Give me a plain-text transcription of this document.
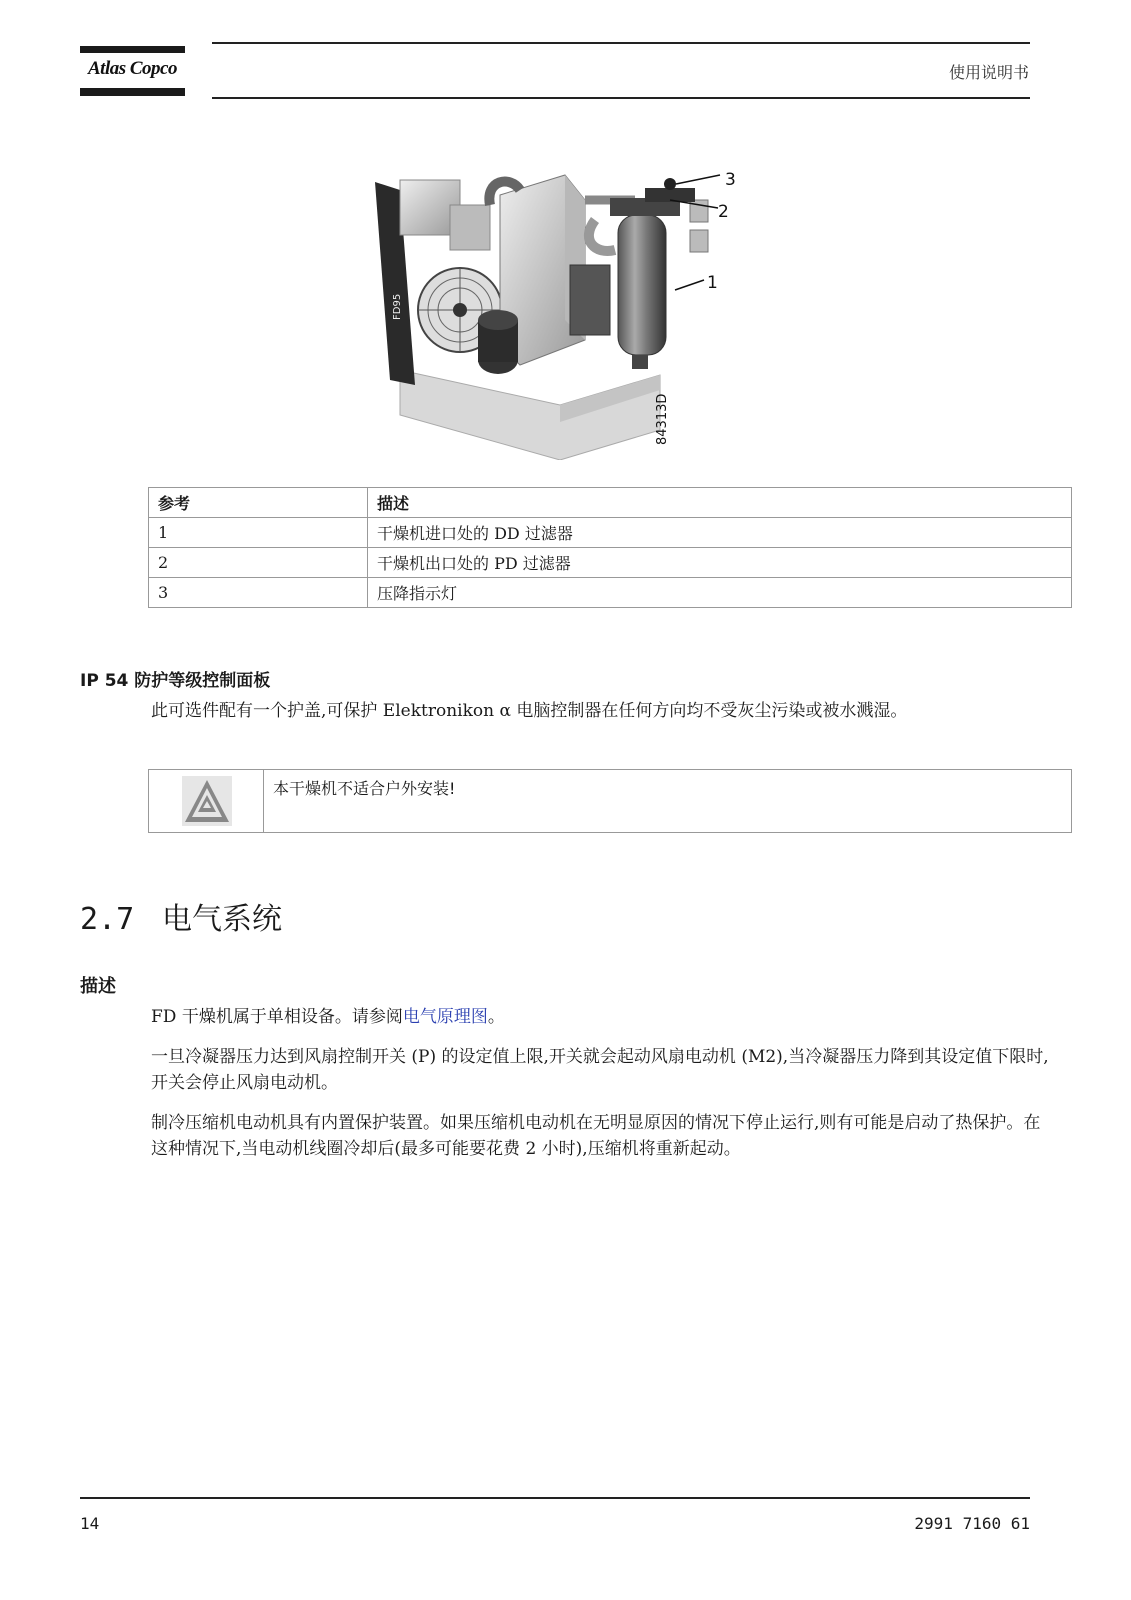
Atlas Copco	使用说明书
3
2
1
FD95
84313D
参考	描述
1	干燥机进口处的 DD 过滤器
2	干燥机出口处的 PD 过滤器
3	压降指示灯
IP 54 防护等级控制面板
此可选件配有一个护盖,可保护 Elektronikon α 电脑控制器在任何方向均不受灰尘污染或被水溅湿。
本干燥机不适合户外安装!
2.7 电气系统
描述
FD 干燥机属于单相设备。请参阅电气原理图。
一旦冷凝器压力达到风扇控制开关 (P) 的设定值上限,开关就会起动风扇电动机 (M2),当冷凝器压力降到其设定值下限时,开关会停止风扇电动机。
制冷压缩机电动机具有内置保护装置。如果压缩机电动机在无明显原因的情况下停止运行,则有可能是启动了热保护。在这种情况下,当电动机线圈冷却后(最多可能要花费 2 小时),压缩机将重新起动。
14	2991 7160 61
